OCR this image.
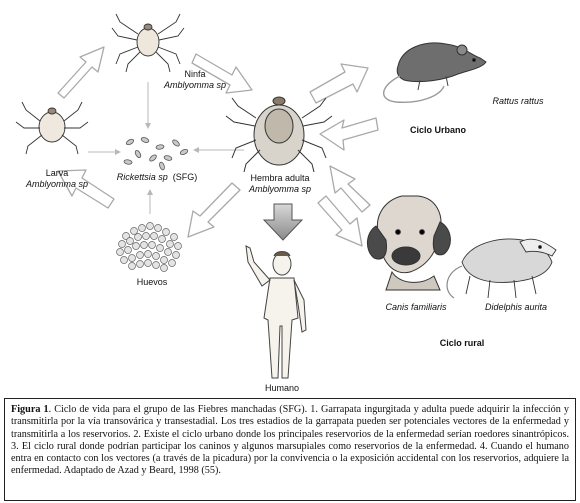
Ninfa
Amblyomma sp
Larva
Amblyomma sp
Rickettsia sp (SFG)	Hembra adulta
Amblyomma sp
Huevos
Rattus rattus
Ciclo Urbano
Canis familiaris	Didelphis aurita
Ciclo rural
Humano

Figura 1. Ciclo de vida para el grupo de las Fiebres manchadas (SFG). 1. Garrapata ingurgitada y adulta puede adquirir la infección y transmitirla por la vía transovárica y transestadial. Los tres estadios de la garrapata pueden ser potenciales vectores de la enfermedad y transmitirla a los reservorios. 2. Existe el ciclo urbano donde los principales reservorios de la enfermedad serían roedores sinantrópicos. 3. El ciclo rural donde podrían participar los caninos y algunos marsupiales como reservorios de la enfermedad. 4. Cuando el humano entra en contacto con los vectores (a través de la picadura) por la convivencia o la exposición accidental con los reservorios, adquiere la enfermedad. Adaptado de Azad y Beard, 1998 (55).
